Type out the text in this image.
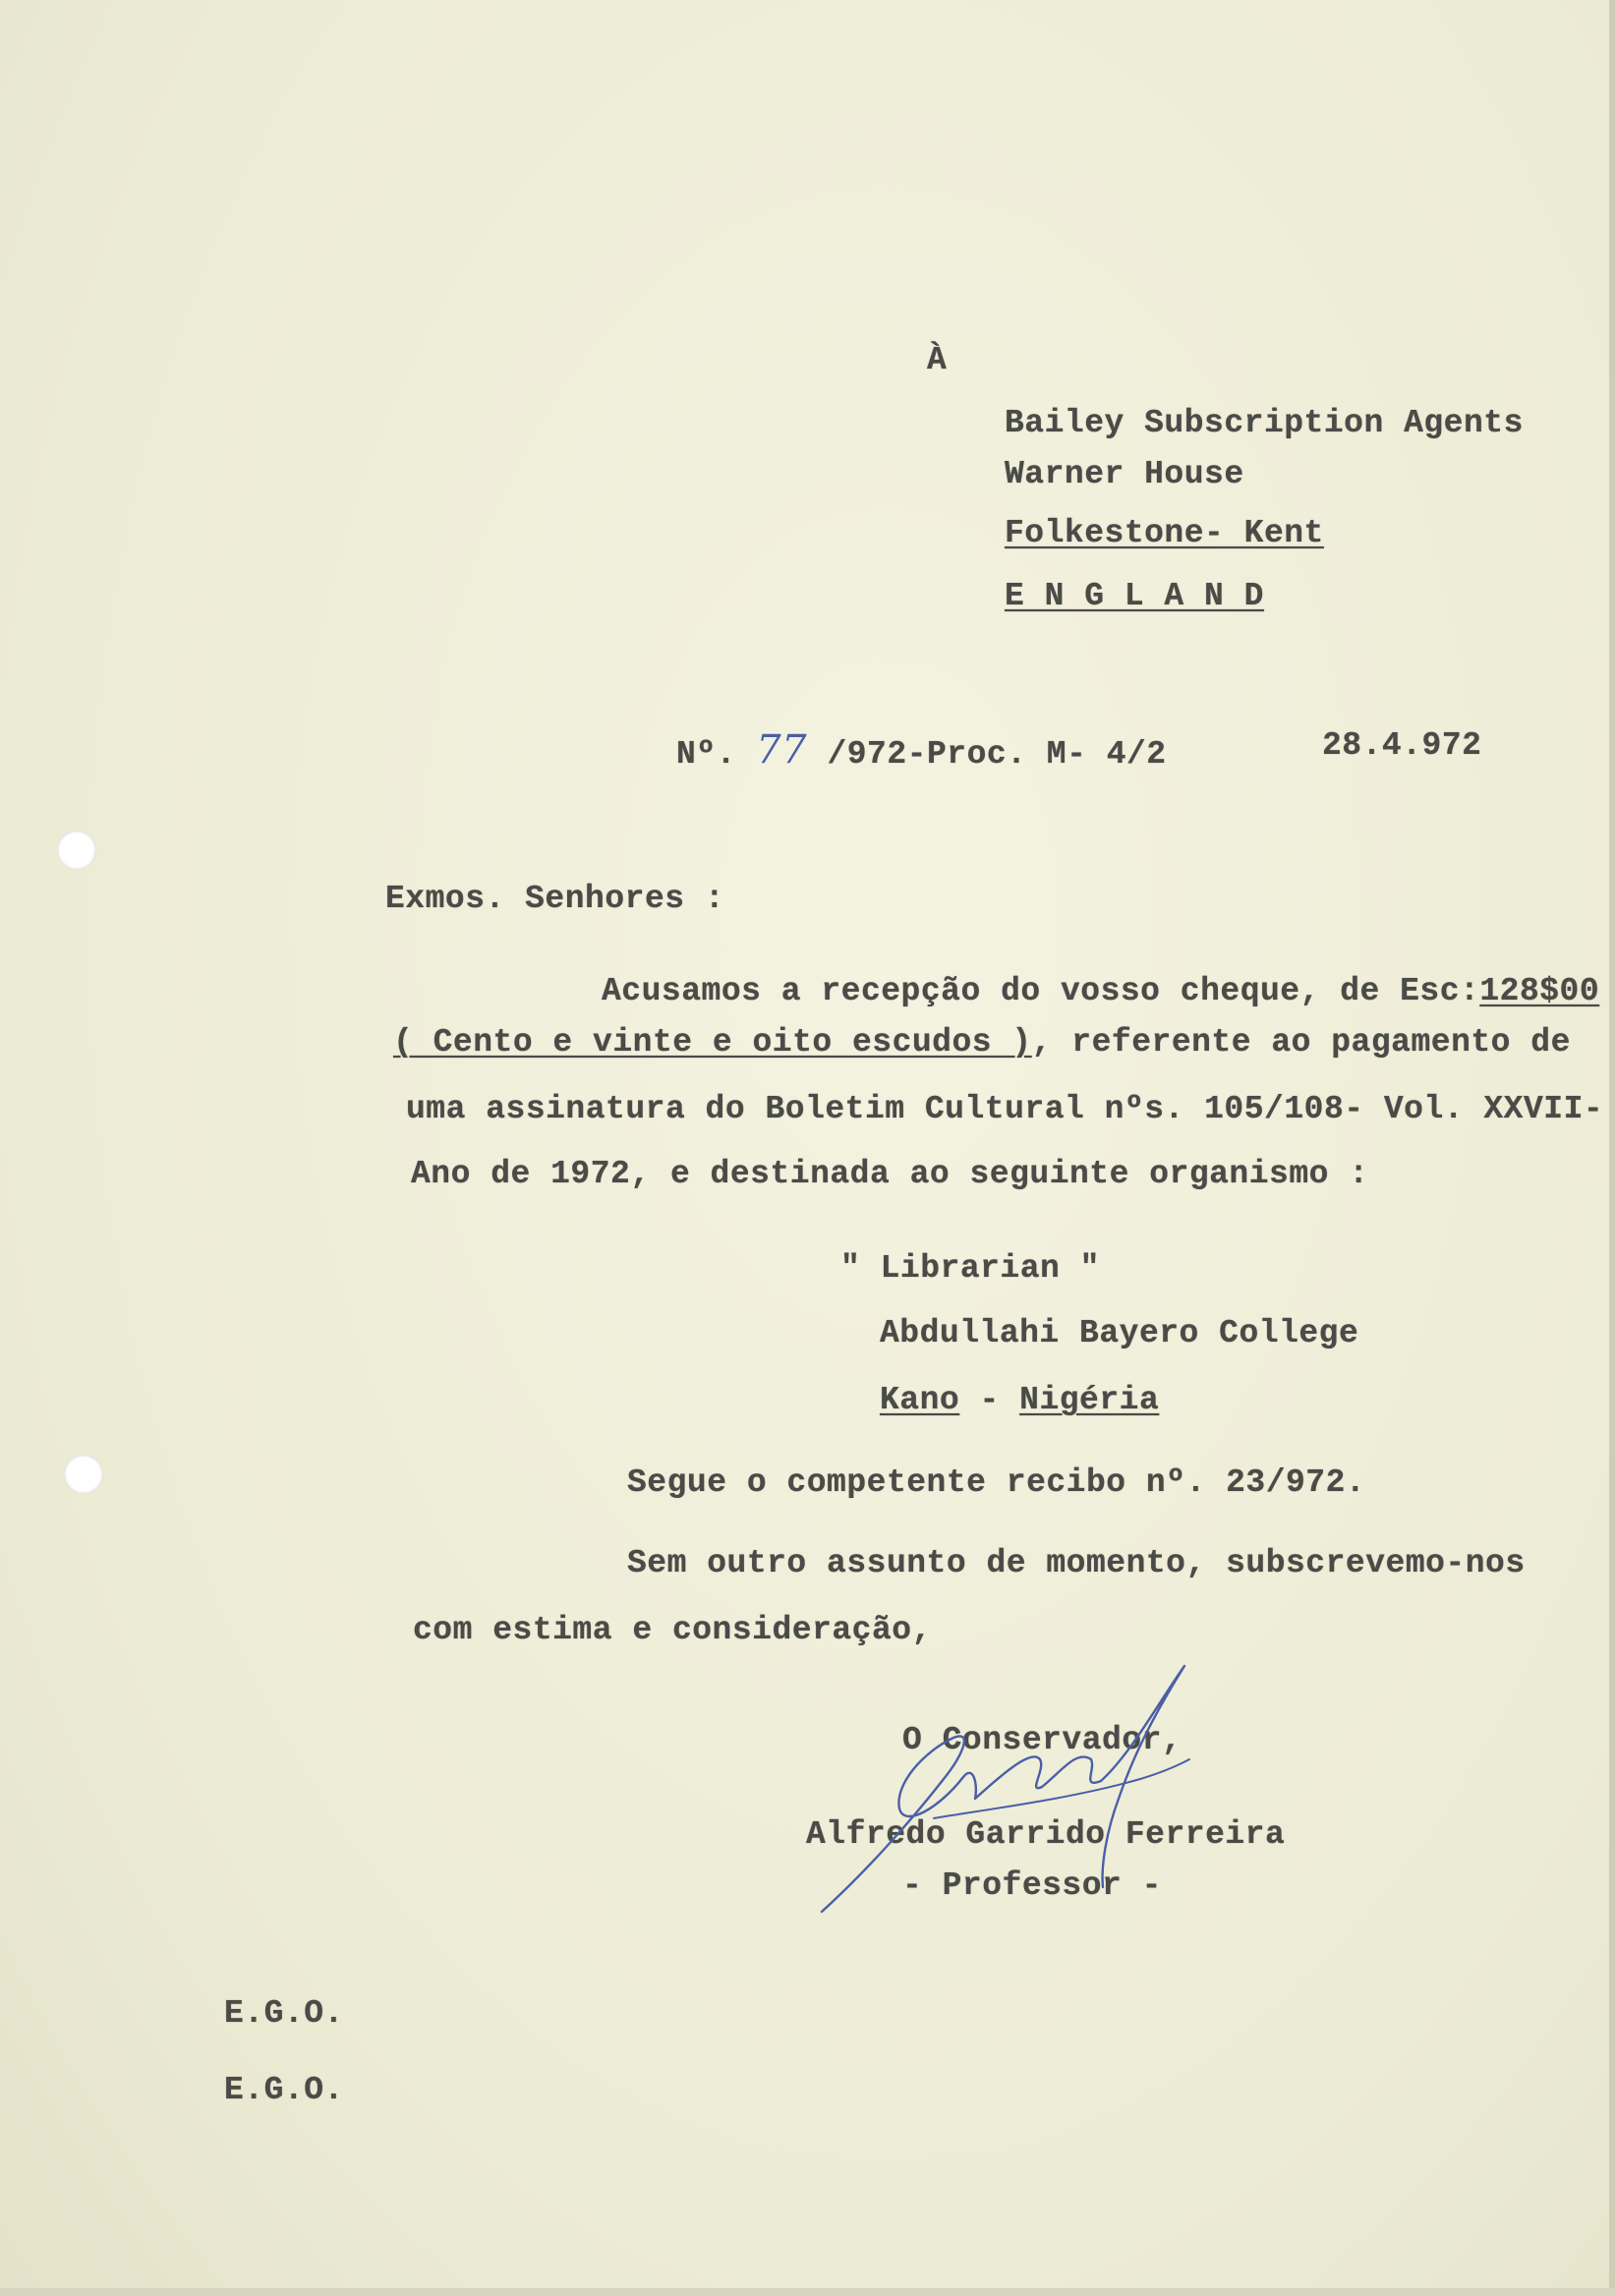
À
Bailey Subscription Agents
Warner House
Folkestone- Kent
E N G L A N D
Nº. 77 /972-Proc. M- 4/2	28.4.972
Exmos. Senhores :
Acusamos a recepção do vosso cheque, de Esc:128$00
( Cento e vinte e oito escudos ), referente ao pagamento de
uma assinatura do Boletim Cultural nºs. 105/108- Vol. XXVII-
Ano de 1972, e destinada ao seguinte organismo :
" Librarian "
Abdullahi Bayero College
Kano - Nigéria
Segue o competente recibo nº. 23/972.
Sem outro assunto de momento, subscrevemo-nos
com estima e consideração,
O Conservador,
Alfredo Garrido Ferreira
- Professor -
E.G.O.
E.G.O.
